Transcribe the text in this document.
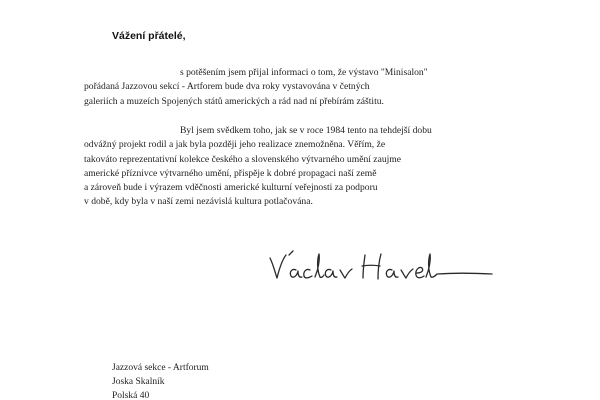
Vážení přátelé,
s potěšením jsem přijal informaci o tom, že výstavo "Minisalon"
pořádaná Jazzovou sekcí - Artforem bude dva roky vystavována v četných
galeriích a muzeích Spojených států amerických a rád nad ní přebírám záštitu.
Byl jsem svědkem toho, jak se v roce 1984 tento na tehdejší dobu
odvážný projekt rodil a jak byla později jeho realizace znemožněna. Věřím, že
takováto reprezentativní kolekce českého a slovenského výtvarného umění zaujme
americké příznivce výtvarného umění, přispěje k dobré propagaci naší země
a zároveň bude i výrazem vděčnosti americké kulturní veřejnosti za podporu
v době, kdy byla v naší zemi nezávislá kultura potlačována.
Jazzová sekce - Artforum
Joska Skalník
Polská 40
